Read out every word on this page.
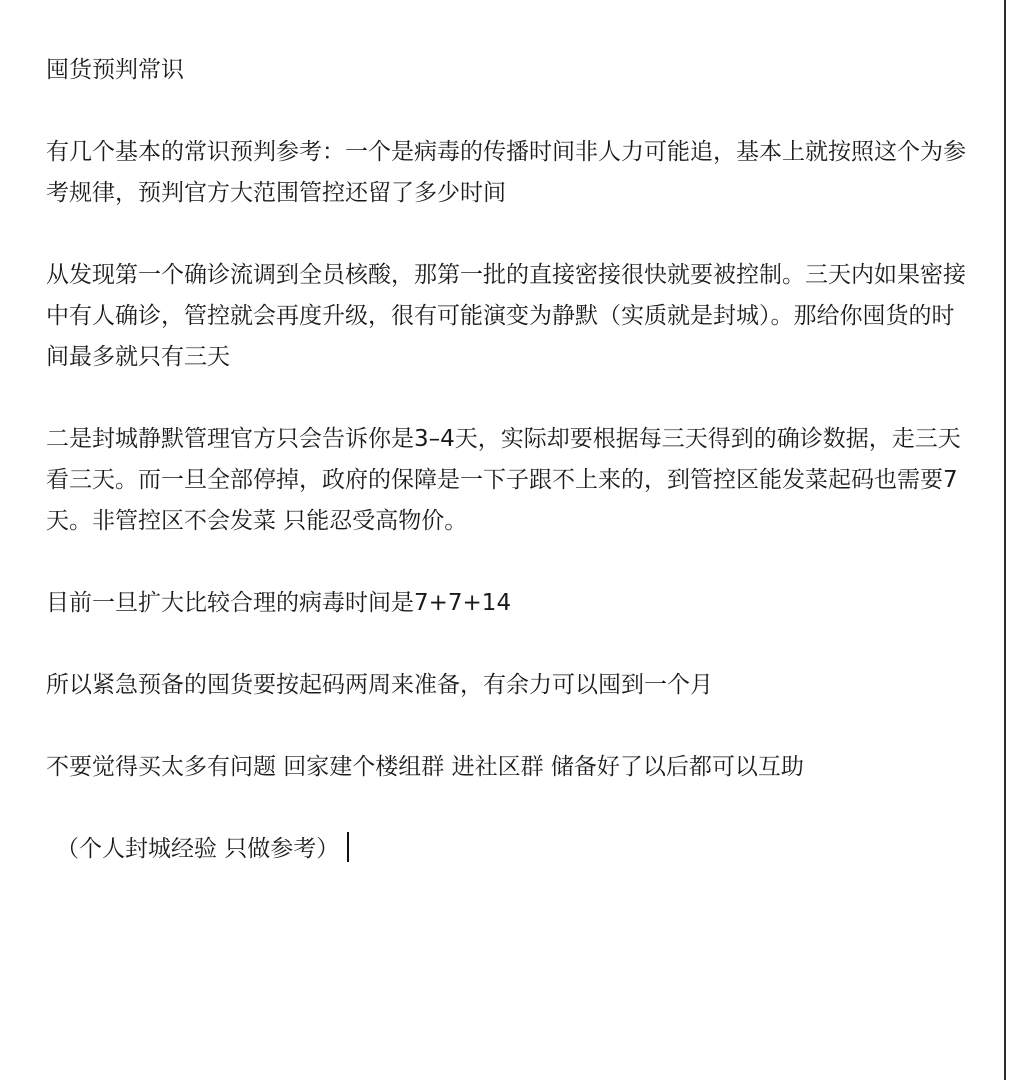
囤货预判常识

有几个基本的常识预判参考：一个是病毒的传播时间非人力可能追，基本上就按照这个为参考规律，预判官方大范围管控还留了多少时间

从发现第一个确诊流调到全员核酸，那第一批的直接密接很快就要被控制。三天内如果密接中有人确诊，管控就会再度升级，很有可能演变为静默（实质就是封城）。那给你囤货的时间最多就只有三天

二是封城静默管理官方只会告诉你是3–4天，实际却要根据每三天得到的确诊数据，走三天看三天。而一旦全部停掉，政府的保障是一下子跟不上来的，到管控区能发菜起码也需要7天。非管控区不会发菜 只能忍受高物价。

目前一旦扩大比较合理的病毒时间是7+7+14

所以紧急预备的囤货要按起码两周来准备，有余力可以囤到一个月

不要觉得买太多有问题 回家建个楼组群 进社区群 储备好了以后都可以互助

（个人封城经验 只做参考）
